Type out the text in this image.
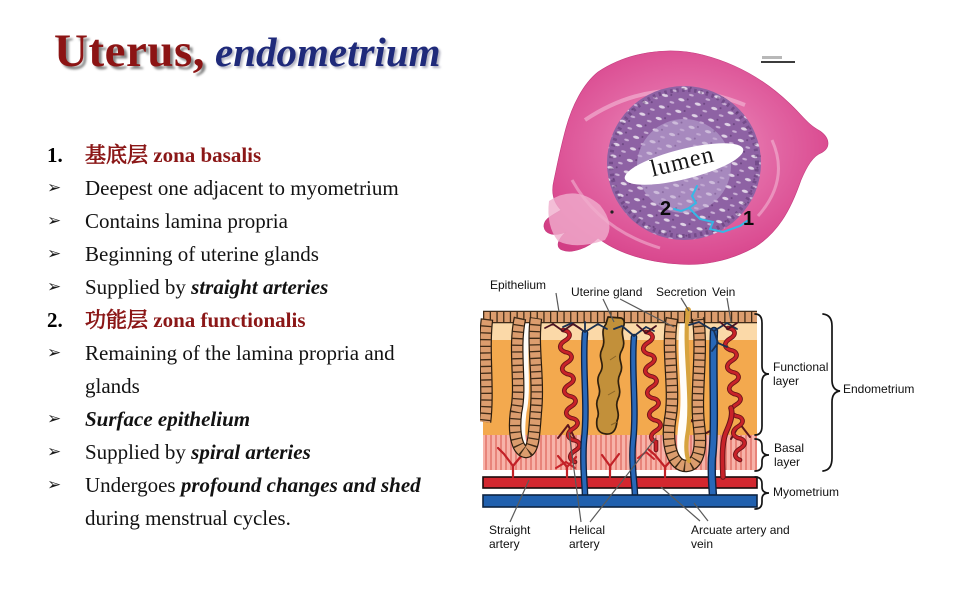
Uterus, endometrium
1.	基底层 zona basalis
➢	Deepest one adjacent to myometrium
➢	Contains lamina propria
➢	Beginning of uterine glands
➢	Supplied by straight arteries
2.	功能层 zona functionalis
➢	Remaining of the lamina propria and glands
➢	Surface epithelium
➢	Supplied by spiral arteries
➢	Undergoes profound changes and shed during menstrual cycles.
lumen
2	1
Epithelium Uterine gland Secretion Vein
Functional layer
Endometrium
Basal layer
Myometrium
Straight artery
Helical artery
Arcuate artery and vein
